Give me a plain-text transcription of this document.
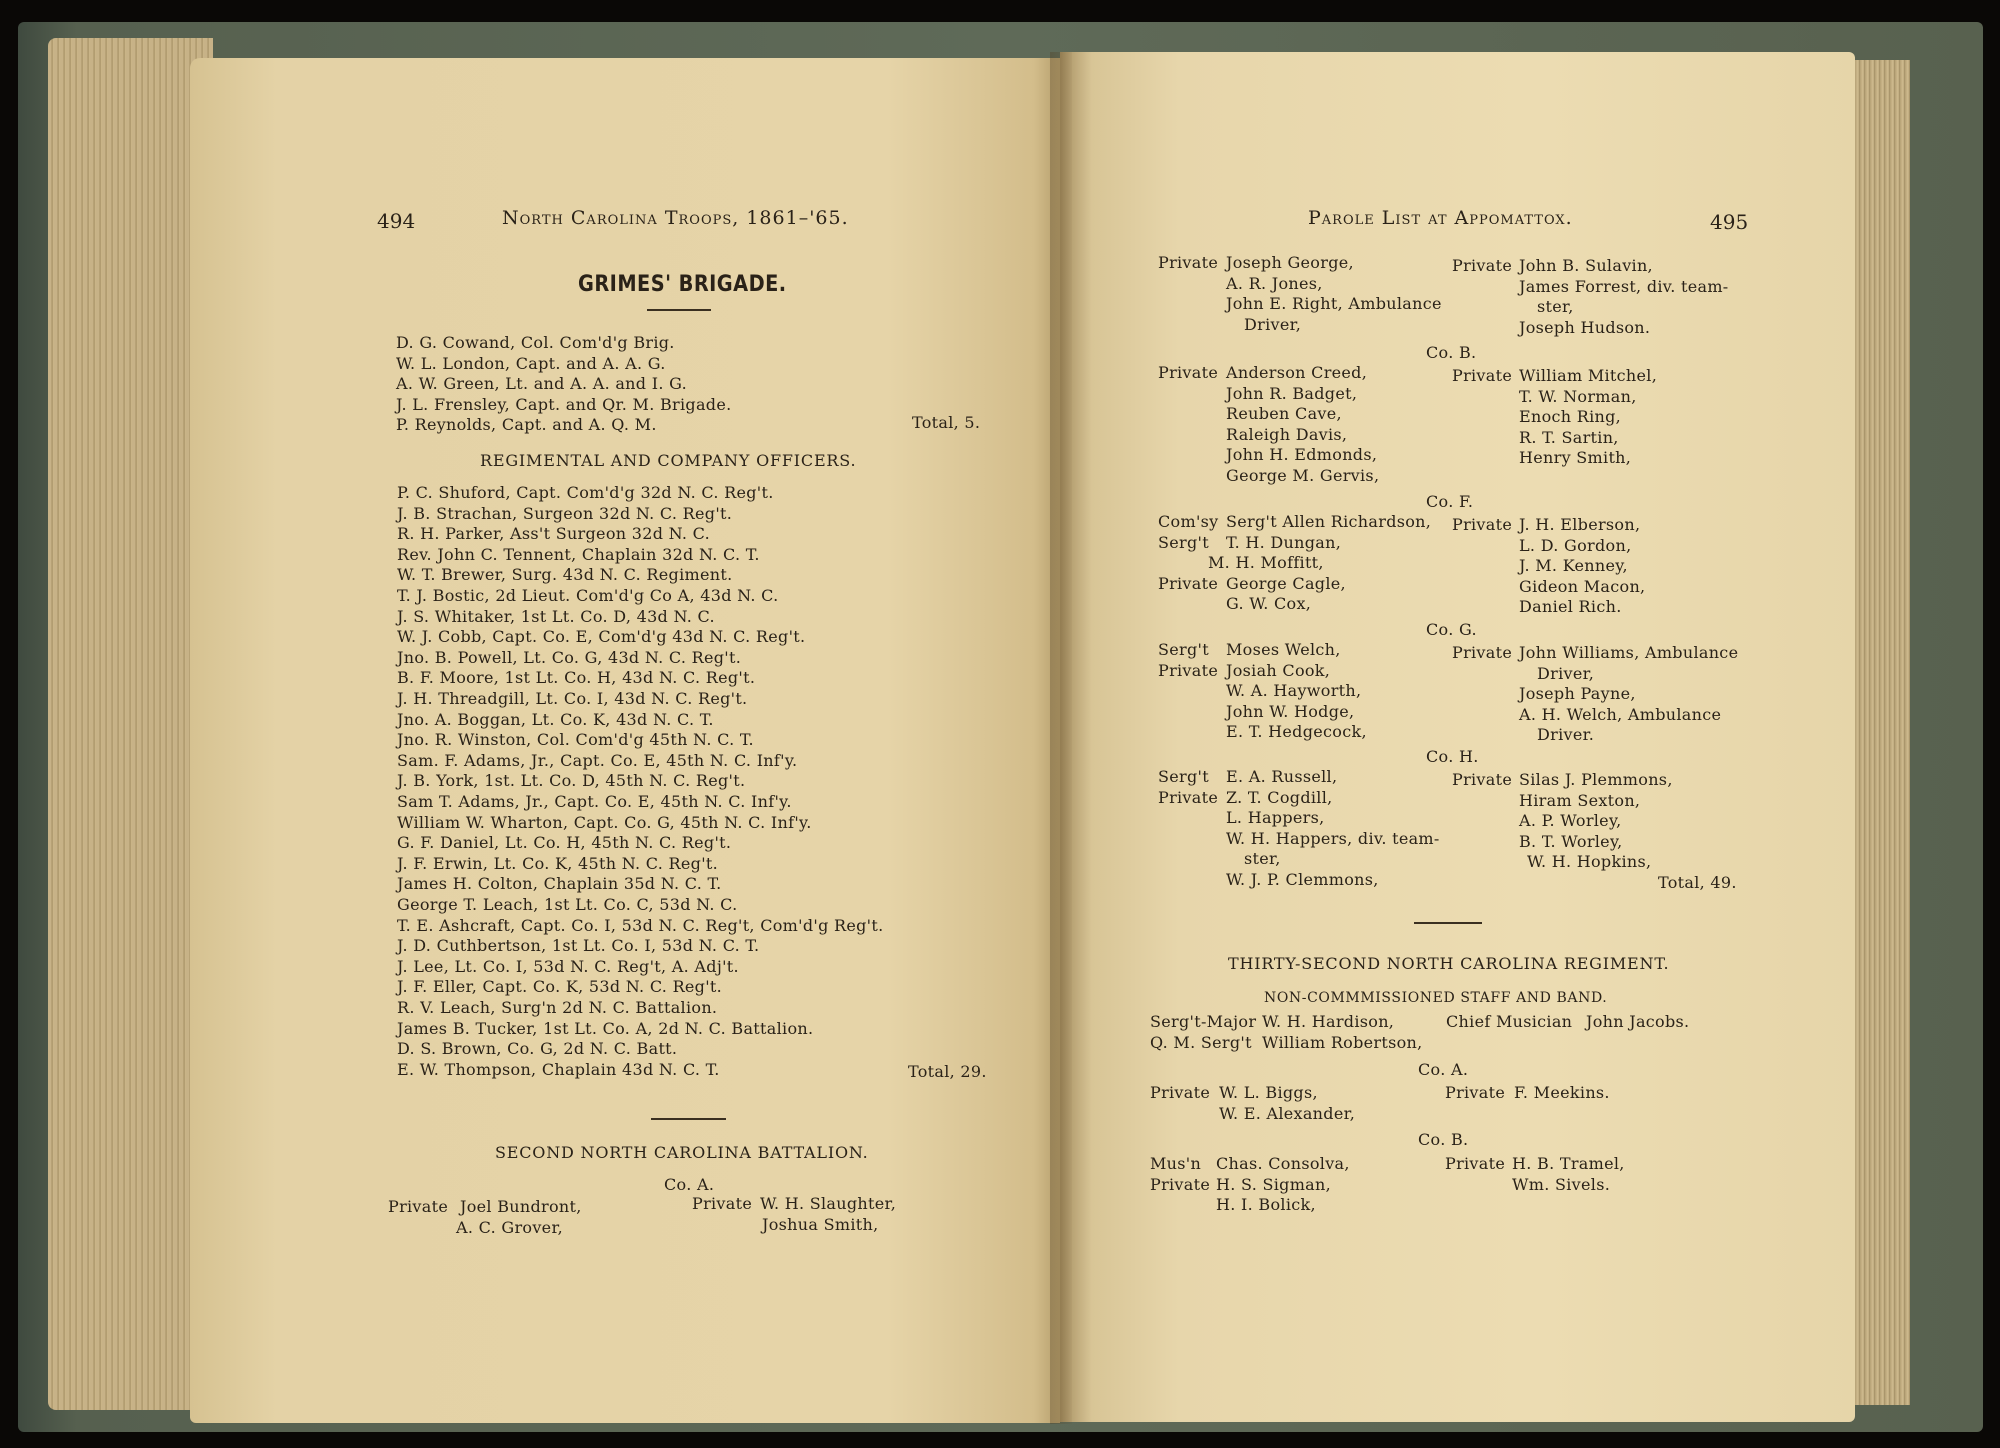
494	North Carolina Troops, 1861–'65.
GRIMES' BRIGADE.
D. G. Cowand, Col. Com'd'g Brig.
W. L. London, Capt. and A. A. G.
A. W. Green, Lt. and A. A. and I. G.
J. L. Frensley, Capt. and Qr. M. Brigade.
P. Reynolds, Capt. and A. Q. M.	Total, 5.
REGIMENTAL AND COMPANY OFFICERS.
P. C. Shuford, Capt. Com'd'g 32d N. C. Reg't.
J. B. Strachan, Surgeon 32d N. C. Reg't.
R. H. Parker, Ass't Surgeon 32d N. C.
Rev. John C. Tennent, Chaplain 32d N. C. T.
W. T. Brewer, Surg. 43d N. C. Regiment.
T. J. Bostic, 2d Lieut. Com'd'g Co A, 43d N. C.
J. S. Whitaker, 1st Lt. Co. D, 43d N. C.
W. J. Cobb, Capt. Co. E, Com'd'g 43d N. C. Reg't.
Jno. B. Powell, Lt. Co. G, 43d N. C. Reg't.
B. F. Moore, 1st Lt. Co. H, 43d N. C. Reg't.
J. H. Threadgill, Lt. Co. I, 43d N. C. Reg't.
Jno. A. Boggan, Lt. Co. K, 43d N. C. T.
Jno. R. Winston, Col. Com'd'g 45th N. C. T.
Sam. F. Adams, Jr., Capt. Co. E, 45th N. C. Inf'y.
J. B. York, 1st. Lt. Co. D, 45th N. C. Reg't.
Sam T. Adams, Jr., Capt. Co. E, 45th N. C. Inf'y.
William W. Wharton, Capt. Co. G, 45th N. C. Inf'y.
G. F. Daniel, Lt. Co. H, 45th N. C. Reg't.
J. F. Erwin, Lt. Co. K, 45th N. C. Reg't.
James H. Colton, Chaplain 35d N. C. T.
George T. Leach, 1st Lt. Co. C, 53d N. C.
T. E. Ashcraft, Capt. Co. I, 53d N. C. Reg't, Com'd'g Reg't.
J. D. Cuthbertson, 1st Lt. Co. I, 53d N. C. T.
J. Lee, Lt. Co. I, 53d N. C. Reg't, A. Adj't.
J. F. Eller, Capt. Co. K, 53d N. C. Reg't.
R. V. Leach, Surg'n 2d N. C. Battalion.
James B. Tucker, 1st Lt. Co. A, 2d N. C. Battalion.
D. S. Brown, Co. G, 2d N. C. Batt.
E. W. Thompson, Chaplain 43d N. C. T.	Total, 29.
SECOND NORTH CAROLINA BATTALION.
Co. A.
Private Joel Bundront,
A. C. Grover,
Private W. H. Slaughter,
Joshua Smith,
Parole List at Appomattox.	495
Private Joseph George,
A. R. Jones,
John E. Right, Ambulance
Driver,
Private John B. Sulavin,
James Forrest, div. team-
ster,
Joseph Hudson.
Co. B.
Private Anderson Creed,
John R. Badget,
Reuben Cave,
Raleigh Davis,
John H. Edmonds,
George M. Gervis,
Private William Mitchel,
T. W. Norman,
Enoch Ring,
R. T. Sartin,
Henry Smith,
Co. F.
Com'sy Serg't Allen Richardson,
Serg't T. H. Dungan,
M. H. Moffitt,
Private George Cagle,
G. W. Cox,
Private J. H. Elberson,
L. D. Gordon,
J. M. Kenney,
Gideon Macon,
Daniel Rich.
Co. G.
Serg't Moses Welch,
Private Josiah Cook,
W. A. Hayworth,
John W. Hodge,
E. T. Hedgecock,
Private John Williams, Ambulance
Driver,
Joseph Payne,
A. H. Welch, Ambulance
Driver.
Co. H.
Serg't E. A. Russell,
Private Z. T. Cogdill,
L. Happers,
W. H. Happers, div. team-
ster,
W. J. P. Clemmons,
Private Silas J. Plemmons,
Hiram Sexton,
A. P. Worley,
B. T. Worley,
W. H. Hopkins,
Total, 49.
THIRTY-SECOND NORTH CAROLINA REGIMENT.
NON-COMMMISSIONED STAFF AND BAND.
Serg't-Major W. H. Hardison,
Q. M. Serg't William Robertson,
Chief Musician John Jacobs.
Co. A.
Private W. L. Biggs,
W. E. Alexander,
Private F. Meekins.
Co. B.
Mus'n Chas. Consolva,
Private H. S. Sigman,
H. I. Bolick,
Private H. B. Tramel,
Wm. Sivels.
